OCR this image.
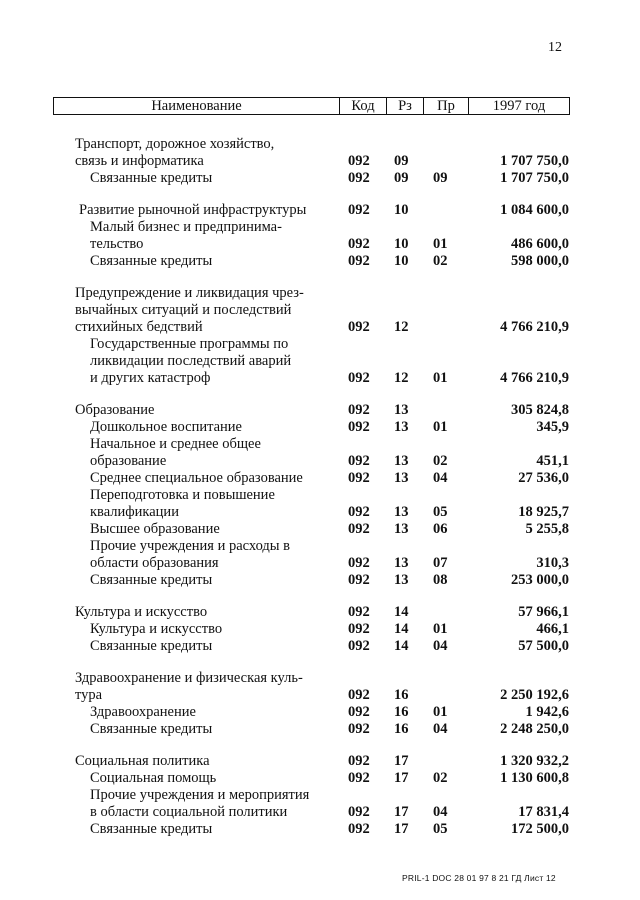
12
Наименование	Код	Рз	Пр	1997 год
Транспорт, дорожное хозяйство,
связь и информатика	092 09	1 707 750,0
Связанные кредиты	092 09 09	1 707 750,0
Развитие рыночной инфраструктуры	092 10	1 084 600,0
Малый бизнес и предпринима-
тельство	092 10 01	486 600,0
Связанные кредиты	092 10 02	598 000,0
Предупреждение и ликвидация чрез-
вычайных ситуаций и последствий
стихийных бедствий	092 12	4 766 210,9
Государственные программы по
ликвидации последствий аварий
и других катастроф	092 12 01	4 766 210,9
Образование	092 13	305 824,8
Дошкольное воспитание	092 13 01	345,9
Начальное и среднее общее
образование	092 13 02	451,1
Среднее специальное образование	092 13 04	27 536,0
Переподготовка и повышение
квалификации	092 13 05	18 925,7
Высшее образование	092 13 06	5 255,8
Прочие учреждения и расходы в
области образования	092 13 07	310,3
Связанные кредиты	092 13 08	253 000,0
Культура и искусство	092 14	57 966,1
Культура и искусство	092 14 01	466,1
Связанные кредиты	092 14 04	57 500,0
Здравоохранение и физическая куль-
тура	092 16	2 250 192,6
Здравоохранение	092 16 01	1 942,6
Связанные кредиты	092 16 04	2 248 250,0
Социальная политика	092 17	1 320 932,2
Социальная помощь	092 17 02	1 130 600,8
Прочие учреждения и мероприятия
в области социальной политики	092 17 04	17 831,4
Связанные кредиты	092 17 05	172 500,0
PRIL-1 DOC 28 01 97 8 21 ГД Лист 12
